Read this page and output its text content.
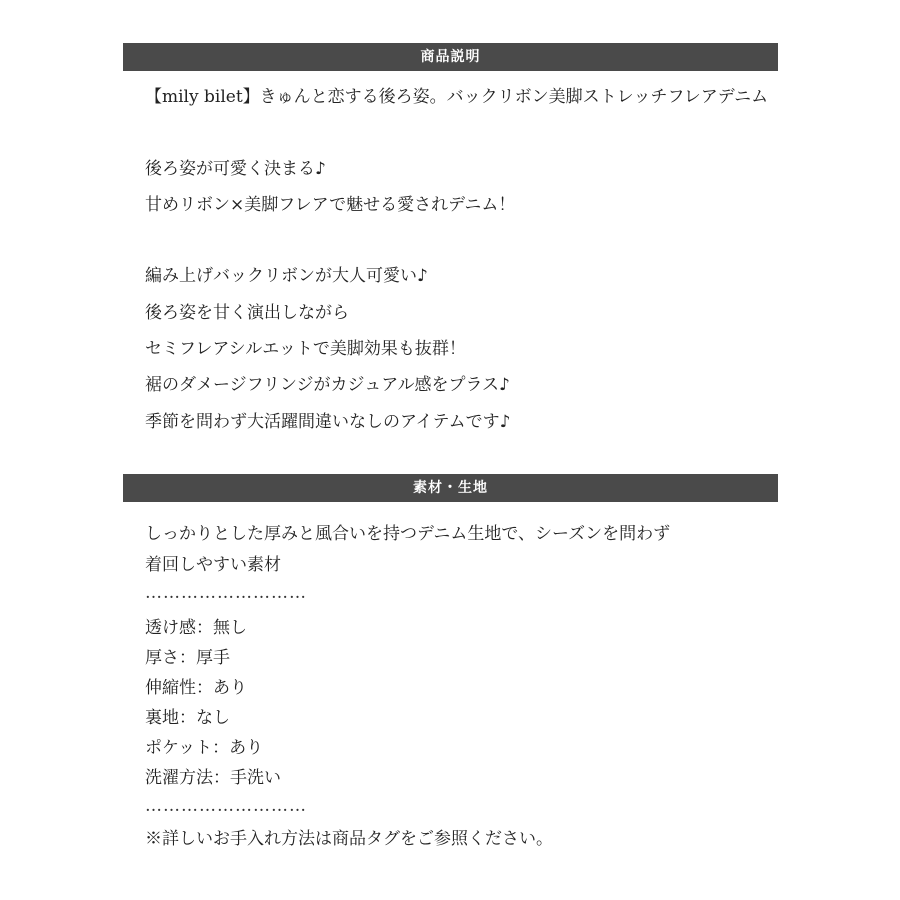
商品説明
【mily bilet】きゅんと恋する後ろ姿。バックリボン美脚ストレッチフレアデニム
後ろ姿が可愛く決まる♪
甘めリボン×美脚フレアで魅せる愛されデニム！
編み上げバックリボンが大人可愛い♪
後ろ姿を甘く演出しながら
セミフレアシルエットで美脚効果も抜群！
裾のダメージフリンジがカジュアル感をプラス♪
季節を問わず大活躍間違いなしのアイテムです♪
素材・生地
しっかりとした厚みと風合いを持つデニム生地で、シーズンを問わず
着回しやすい素材
………………………
透け感：無し
厚さ：厚手
伸縮性：あり
裏地：なし
ポケット：あり
洗濯方法：手洗い
………………………
※詳しいお手入れ方法は商品タグをご参照ください。
